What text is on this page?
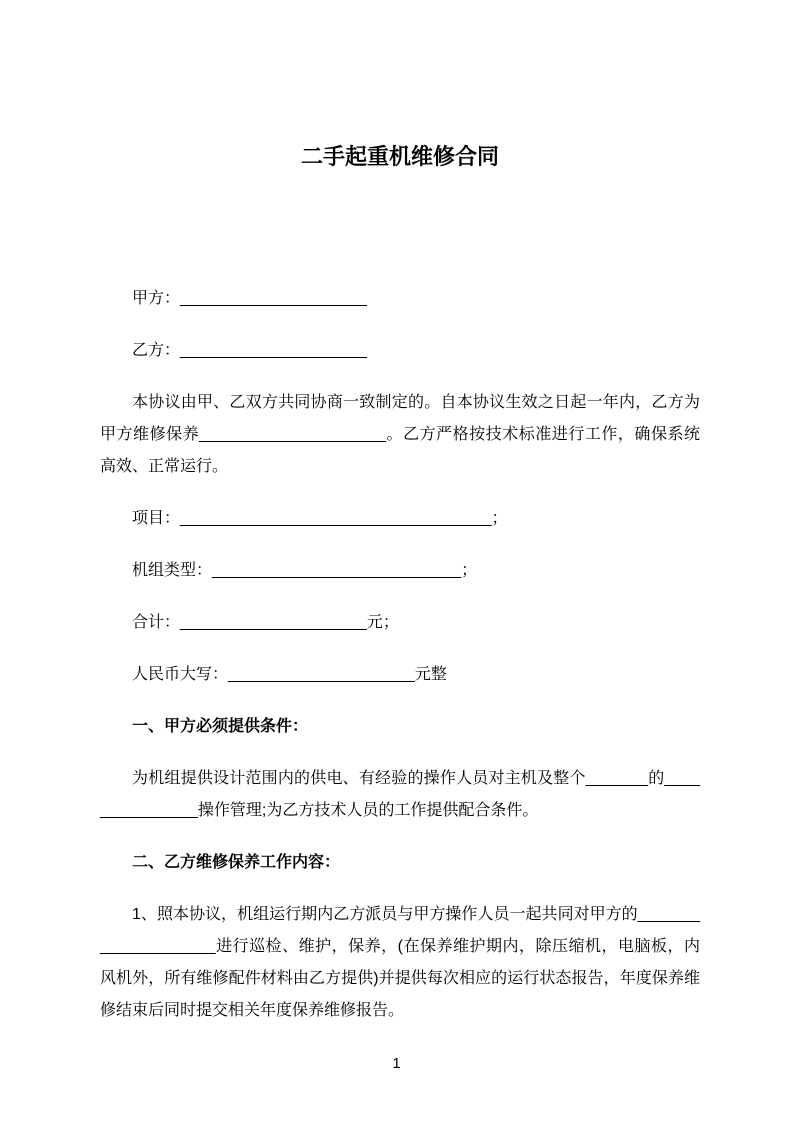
二手起重机维修合同

甲方：_____________________

乙方：_____________________

本协议由甲、乙双方共同协商一致制定的。自本协议生效之日起一年内，乙方为甲方维修保养_____________________。乙方严格按技术标准进行工作，确保系统高效、正常运行。

项目：___________________________________；

机组类型：____________________________；

合计：_____________________元；

人民币大写：_____________________元整

一、甲方必须提供条件：

为机组提供设计范围内的供电、有经验的操作人员对主机及整个_______的_______________操作管理;为乙方技术人员的工作提供配合条件。

二、乙方维修保养工作内容：

1、照本协议，机组运行期内乙方派员与甲方操作人员一起共同对甲方的____________________进行巡检、维护，保养，(在保养维护期内，除压缩机，电脑板，内风机外，所有维修配件材料由乙方提供)并提供每次相应的运行状态报告，年度保养维修结束后同时提交相关年度保养维修报告。

1
